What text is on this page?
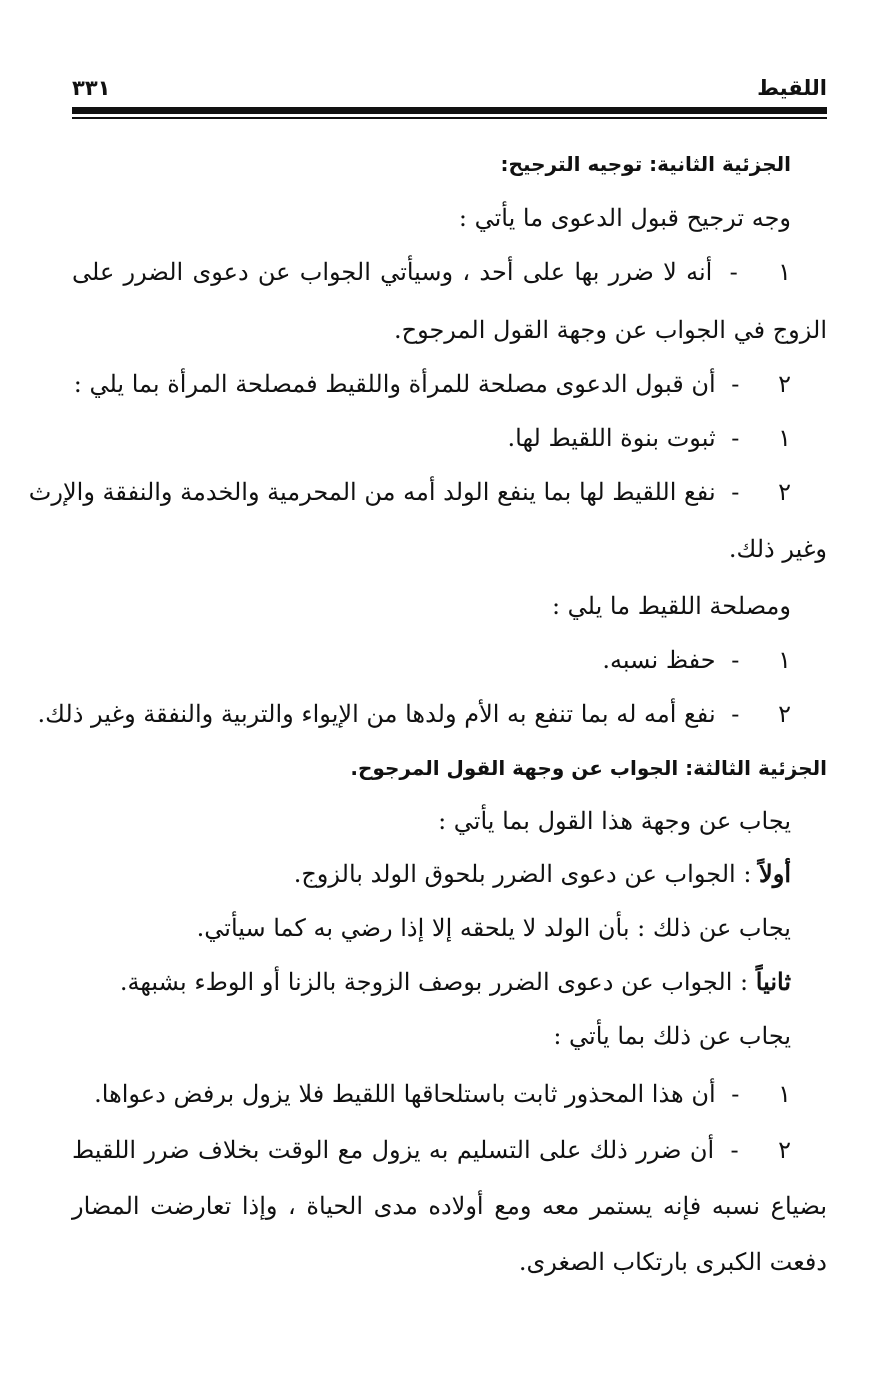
اللقيط
٣٣١
الجزئية الثانية: توجيه الترجيح:
وجه ترجيح قبول الدعوى ما يأتي :
١ - أنه لا ضرر بها على أحد ، وسيأتي الجواب عن دعوى الضرر على
الزوج في الجواب عن وجهة القول المرجوح.
٢ - أن قبول الدعوى مصلحة للمرأة واللقيط فمصلحة المرأة بما يلي :
١ - ثبوت بنوة اللقيط لها.
٢ - نفع اللقيط لها بما ينفع الولد أمه من المحرمية والخدمة والنفقة والإرث
وغير ذلك.
ومصلحة اللقيط ما يلي :
١ - حفظ نسبه.
٢ - نفع أمه له بما تنفع به الأم ولدها من الإيواء والتربية والنفقة وغير ذلك.
الجزئية الثالثة: الجواب عن وجهة القول المرجوح.
يجاب عن وجهة هذا القول بما يأتي :
أولاً : الجواب عن دعوى الضرر بلحوق الولد بالزوج.
يجاب عن ذلك : بأن الولد لا يلحقه إلا إذا رضي به كما سيأتي.
ثانياً : الجواب عن دعوى الضرر بوصف الزوجة بالزنا أو الوطء بشبهة.
يجاب عن ذلك بما يأتي :
١ - أن هذا المحذور ثابت باستلحاقها اللقيط فلا يزول برفض دعواها.
٢ - أن ضرر ذلك على التسليم به يزول مع الوقت بخلاف ضرر اللقيط
بضياع نسبه فإنه يستمر معه ومع أولاده مدى الحياة ، وإذا تعارضت المضار
دفعت الكبرى بارتكاب الصغرى.
